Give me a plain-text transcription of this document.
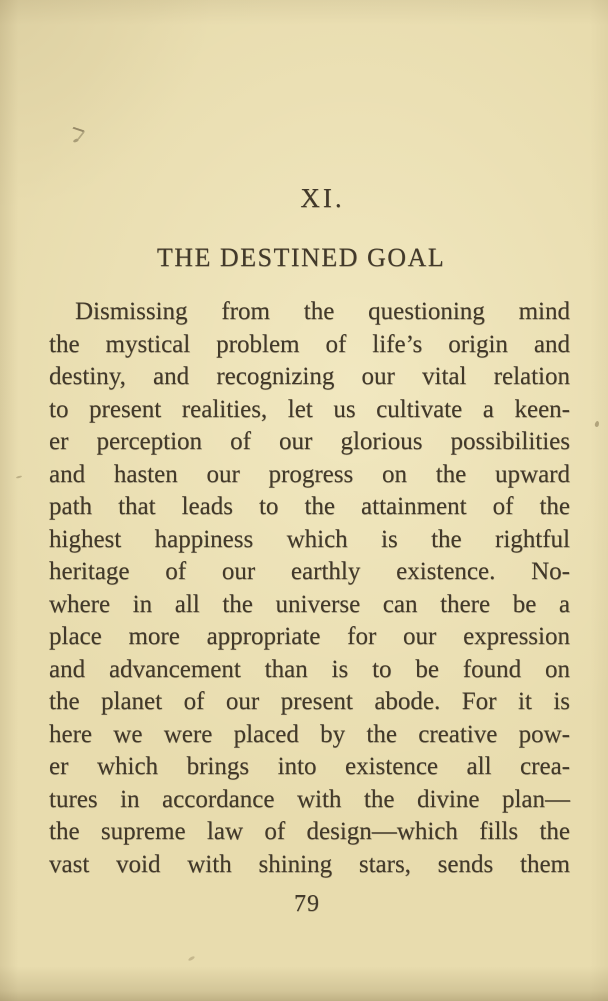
XI.
THE DESTINED GOAL
Dismissing from the questioning mind
the mystical problem of life’s origin and
destiny, and recognizing our vital relation
to present realities, let us cultivate a keen-
er perception of our glorious possibilities
and hasten our progress on the upward
path that leads to the attainment of the
highest happiness which is the rightful
heritage of our earthly existence. No-
where in all the universe can there be a
place more appropriate for our expression
and advancement than is to be found on
the planet of our present abode. For it is
here we were placed by the creative pow-
er which brings into existence all crea-
tures in accordance with the divine plan—
the supreme law of design—which fills the
vast void with shining stars, sends them
79
